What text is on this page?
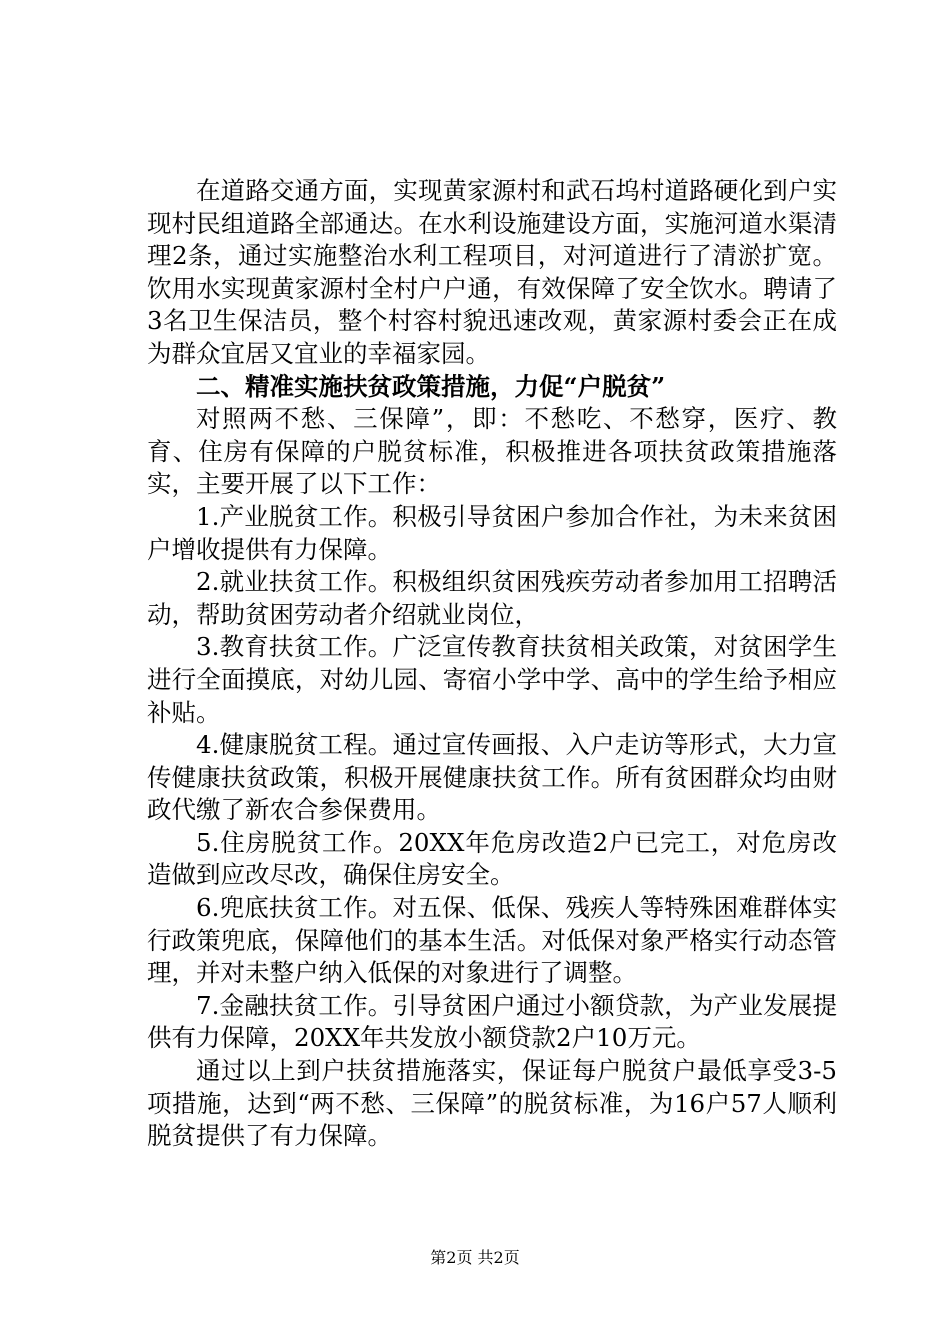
在道路交通方面，实现黄家源村和武石坞村道路硬化到户实现村民组道路全部通达。在水利设施建设方面，实施河道水渠清理2条，通过实施整治水利工程项目，对河道进行了清淤扩宽。饮用水实现黄家源村全村户户通，有效保障了安全饮水。聘请了3名卫生保洁员，整个村容村貌迅速改观，黄家源村委会正在成为群众宜居又宜业的幸福家园。

二、精准实施扶贫政策措施，力促“户脱贫”

对照两不愁、三保障”，即：不愁吃、不愁穿，医疗、教育、住房有保障的户脱贫标准，积极推进各项扶贫政策措施落实，主要开展了以下工作：

1.产业脱贫工作。积极引导贫困户参加合作社，为未来贫困户增收提供有力保障。

2.就业扶贫工作。积极组织贫困残疾劳动者参加用工招聘活动，帮助贫困劳动者介绍就业岗位，

3.教育扶贫工作。广泛宣传教育扶贫相关政策，对贫困学生进行全面摸底，对幼儿园、寄宿小学中学、高中的学生给予相应补贴。

4.健康脱贫工程。通过宣传画报、入户走访等形式，大力宣传健康扶贫政策，积极开展健康扶贫工作。所有贫困群众均由财政代缴了新农合参保费用。

5.住房脱贫工作。20XX年危房改造2户已完工，对危房改造做到应改尽改，确保住房安全。

6.兜底扶贫工作。对五保、低保、残疾人等特殊困难群体实行政策兜底，保障他们的基本生活。对低保对象严格实行动态管理，并对未整户纳入低保的对象进行了调整。

7.金融扶贫工作。引导贫困户通过小额贷款，为产业发展提供有力保障，20XX年共发放小额贷款2户10万元。

通过以上到户扶贫措施落实，保证每户脱贫户最低享受3-5项措施，达到“两不愁、三保障”的脱贫标准，为16户57人顺利脱贫提供了有力保障。

第2页 共2页
